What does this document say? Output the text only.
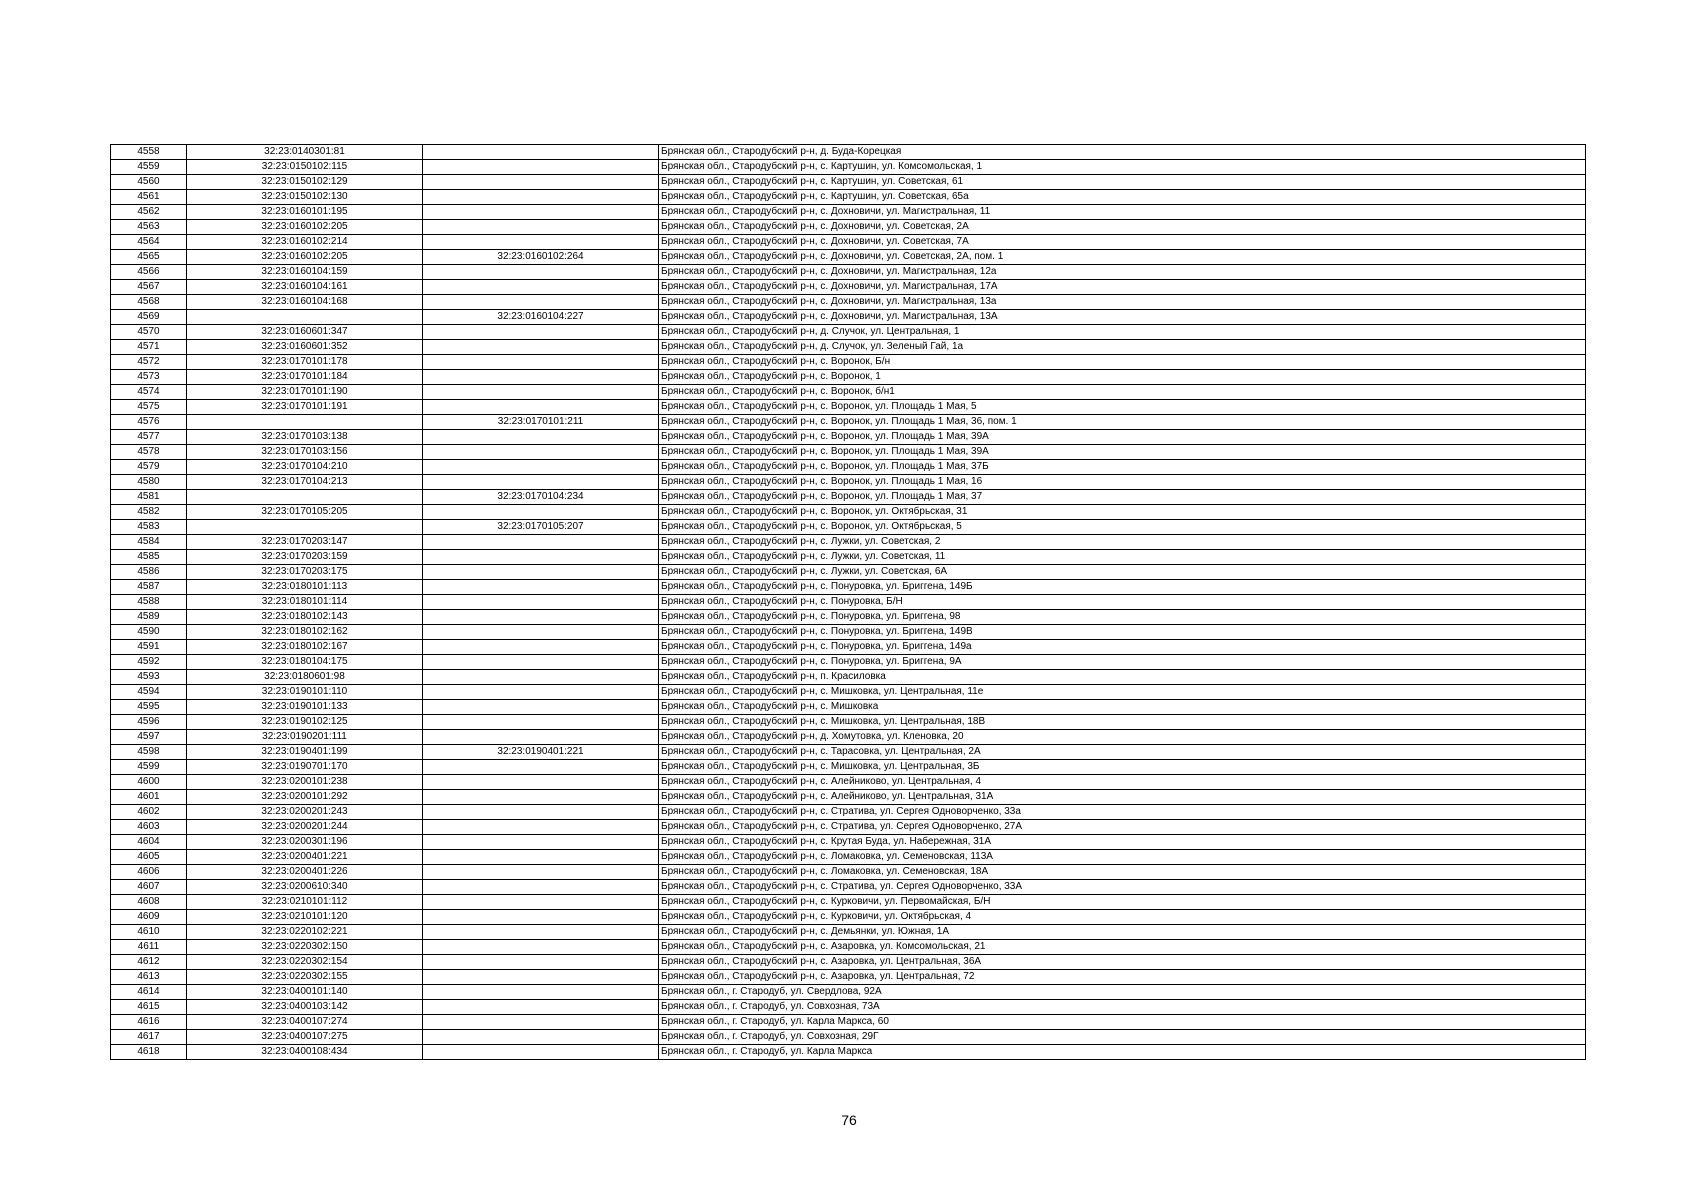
4558	32:23:0140301:81		Брянская обл., Стародубский р-н, д. Буда-Корецкая
4559	32:23:0150102:115		Брянская обл., Стародубский р-н, с. Картушин, ул. Комсомольская, 1
4560	32:23:0150102:129		Брянская обл., Стародубский р-н, с. Картушин, ул. Советская, 61
4561	32:23:0150102:130		Брянская обл., Стародубский р-н, с. Картушин, ул. Советская, 65а
4562	32:23:0160101:195		Брянская обл., Стародубский р-н, с. Дохновичи, ул. Магистральная, 11
4563	32:23:0160102:205		Брянская обл., Стародубский р-н, с. Дохновичи, ул. Советская, 2А
4564	32:23:0160102:214		Брянская обл., Стародубский р-н, с. Дохновичи, ул. Советская, 7А
4565	32:23:0160102:205	32:23:0160102:264	Брянская обл., Стародубский р-н, с. Дохновичи, ул. Советская, 2А, пом. 1
4566	32:23:0160104:159		Брянская обл., Стародубский р-н, с. Дохновичи, ул. Магистральная, 12а
4567	32:23:0160104:161		Брянская обл., Стародубский р-н, с. Дохновичи, ул. Магистральная, 17А
4568	32:23:0160104:168		Брянская обл., Стародубский р-н, с. Дохновичи, ул. Магистральная, 13а
4569		32:23:0160104:227	Брянская обл., Стародубский р-н, с. Дохновичи, ул. Магистральная, 13А
4570	32:23:0160601:347		Брянская обл., Стародубский р-н, д. Случок, ул. Центральная, 1
4571	32:23:0160601:352		Брянская обл., Стародубский р-н, д. Случок, ул. Зеленый Гай, 1а
4572	32:23:0170101:178		Брянская обл., Стародубский р-н, с. Воронок, Б/н
4573	32:23:0170101:184		Брянская обл., Стародубский р-н, с. Воронок, 1
4574	32:23:0170101:190		Брянская обл., Стародубский р-н, с. Воронок, б/н1
4575	32:23:0170101:191		Брянская обл., Стародубский р-н, с. Воронок, ул. Площадь 1 Мая, 5
4576		32:23:0170101:211	Брянская обл., Стародубский р-н, с. Воронок, ул. Площадь 1 Мая, 36, пом. 1
4577	32:23:0170103:138		Брянская обл., Стародубский р-н, с. Воронок, ул. Площадь 1 Мая, 39А
4578	32:23:0170103:156		Брянская обл., Стародубский р-н, с. Воронок, ул. Площадь 1 Мая, 39А
4579	32:23:0170104:210		Брянская обл., Стародубский р-н, с. Воронок, ул. Площадь 1 Мая, 37Б
4580	32:23:0170104:213		Брянская обл., Стародубский р-н, с. Воронок, ул. Площадь 1 Мая, 16
4581		32:23:0170104:234	Брянская обл., Стародубский р-н, с. Воронок, ул. Площадь 1 Мая, 37
4582	32:23:0170105:205		Брянская обл., Стародубский р-н, с. Воронок, ул. Октябрьская, 31
4583		32:23:0170105:207	Брянская обл., Стародубский р-н, с. Воронок, ул. Октябрьская, 5
4584	32:23:0170203:147		Брянская обл., Стародубский р-н, с. Лужки, ул. Советская, 2
4585	32:23:0170203:159		Брянская обл., Стародубский р-н, с. Лужки, ул. Советская, 11
4586	32:23:0170203:175		Брянская обл., Стародубский р-н, с. Лужки, ул. Советская, 6А
4587	32:23:0180101:113		Брянская обл., Стародубский р-н, с. Понуровка, ул. Бриггена, 149Б
4588	32:23:0180101:114		Брянская обл., Стародубский р-н, с. Понуровка, Б/Н
4589	32:23:0180102:143		Брянская обл., Стародубский р-н, с. Понуровка, ул. Бриггена, 98
4590	32:23:0180102:162		Брянская обл., Стародубский р-н, с. Понуровка, ул. Бриггена, 149В
4591	32:23:0180102:167		Брянская обл., Стародубский р-н, с. Понуровка, ул. Бриггена, 149а
4592	32:23:0180104:175		Брянская обл., Стародубский р-н, с. Понуровка, ул. Бриггена, 9А
4593	32:23:0180601:98		Брянская обл., Стародубский р-н, п. Красиловка
4594	32:23:0190101:110		Брянская обл., Стародубский р-н, с. Мишковка, ул. Центральная, 11е
4595	32:23:0190101:133		Брянская обл., Стародубский р-н, с. Мишковка
4596	32:23:0190102:125		Брянская обл., Стародубский р-н, с. Мишковка, ул. Центральная, 18В
4597	32:23:0190201:111		Брянская обл., Стародубский р-н, д. Хомутовка, ул. Кленовка, 20
4598	32:23:0190401:199	32:23:0190401:221	Брянская обл., Стародубский р-н, с. Тарасовка, ул. Центральная, 2А
4599	32:23:0190701:170		Брянская обл., Стародубский р-н, с. Мишковка, ул. Центральная, 3Б
4600	32:23:0200101:238		Брянская обл., Стародубский р-н, с. Алейниково, ул. Центральная, 4
4601	32:23:0200101:292		Брянская обл., Стародубский р-н, с. Алейниково, ул. Центральная, 31А
4602	32:23:0200201:243		Брянская обл., Стародубский р-н, с. Стратива, ул. Сергея Одноворченко, 33а
4603	32:23:0200201:244		Брянская обл., Стародубский р-н, с. Стратива, ул. Сергея Одноворченко, 27А
4604	32:23:0200301:196		Брянская обл., Стародубский р-н, с. Крутая Буда, ул. Набережная, 31А
4605	32:23:0200401:221		Брянская обл., Стародубский р-н, с. Ломаковка, ул. Семеновская, 113А
4606	32:23:0200401:226		Брянская обл., Стародубский р-н, с. Ломаковка, ул. Семеновская, 18А
4607	32:23:0200610:340		Брянская обл., Стародубский р-н, с. Стратива, ул. Сергея Одноворченко, 33А
4608	32:23:0210101:112		Брянская обл., Стародубский р-н, с. Курковичи, ул. Первомайская, Б/Н
4609	32:23:0210101:120		Брянская обл., Стародубский р-н, с. Курковичи, ул. Октябрьская, 4
4610	32:23:0220102:221		Брянская обл., Стародубский р-н, с. Демьянки, ул. Южная, 1А
4611	32:23:0220302:150		Брянская обл., Стародубский р-н, с. Азаровка, ул. Комсомольская, 21
4612	32:23:0220302:154		Брянская обл., Стародубский р-н, с. Азаровка, ул. Центральная, 36А
4613	32:23:0220302:155		Брянская обл., Стародубский р-н, с. Азаровка, ул. Центральная, 72
4614	32:23:0400101:140		Брянская обл., г. Стародуб, ул. Свердлова, 92А
4615	32:23:0400103:142		Брянская обл., г. Стародуб, ул. Совхозная, 73А
4616	32:23:0400107:274		Брянская обл., г. Стародуб, ул. Карла Маркса, 60
4617	32:23:0400107:275		Брянская обл., г. Стародуб, ул. Совхозная, 29Г
4618	32:23:0400108:434		Брянская обл., г. Стародуб, ул. Карла Маркса
76
